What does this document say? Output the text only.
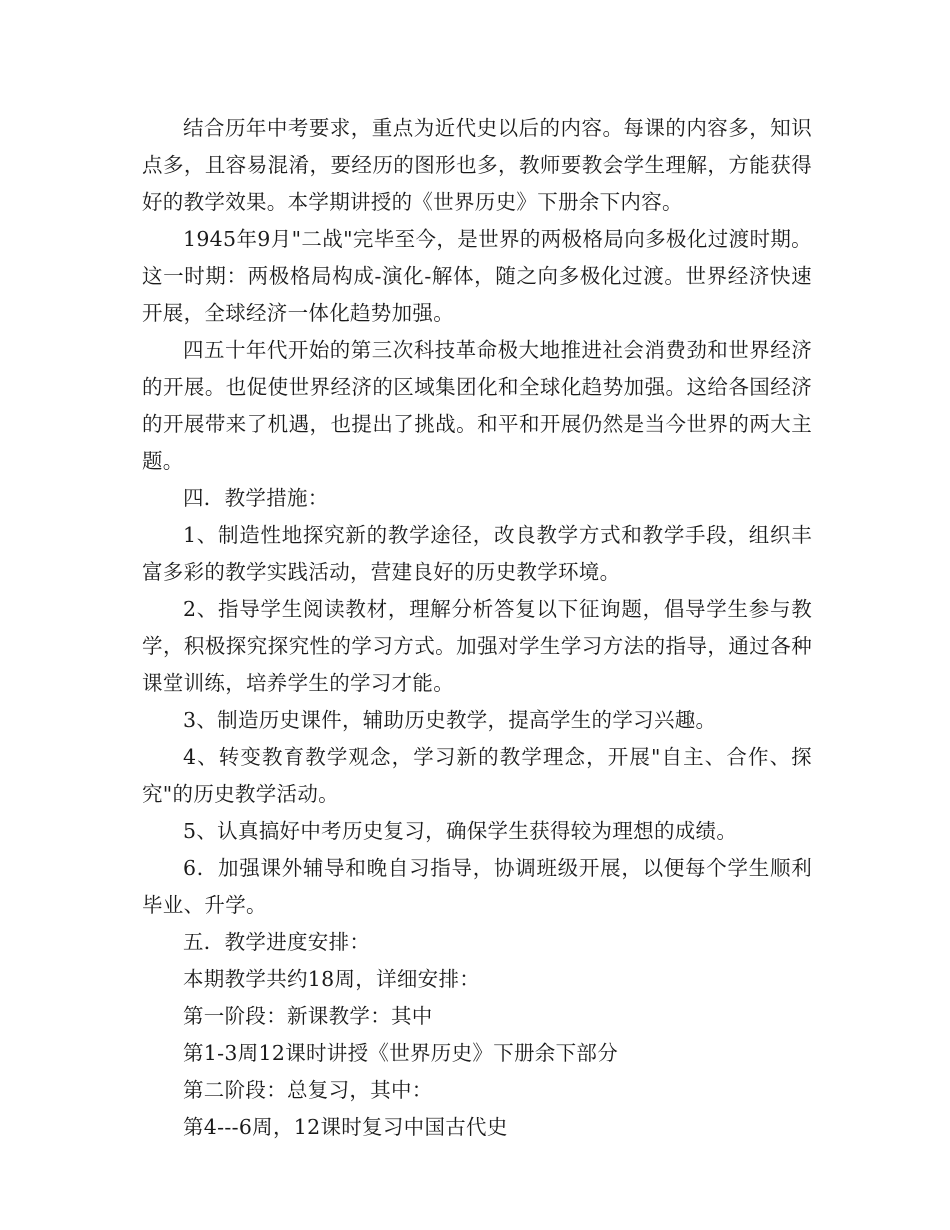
结合历年中考要求，重点为近代史以后的内容。每课的内容多，知识点多，且容易混淆，要经历的图形也多，教师要教会学生理解，方能获得好的教学效果。本学期讲授的《世界历史》下册余下内容。

1945年9月"二战"完毕至今，是世界的两极格局向多极化过渡时期。这一时期：两极格局构成-演化-解体，随之向多极化过渡。世界经济快速开展，全球经济一体化趋势加强。

四五十年代开始的第三次科技革命极大地推进社会消费劲和世界经济的开展。也促使世界经济的区域集团化和全球化趋势加强。这给各国经济的开展带来了机遇，也提出了挑战。和平和开展仍然是当今世界的两大主题。

四．教学措施：

1、制造性地探究新的教学途径，改良教学方式和教学手段，组织丰富多彩的教学实践活动，营建良好的历史教学环境。

2、指导学生阅读教材，理解分析答复以下征询题，倡导学生参与教学，积极探究探究性的学习方式。加强对学生学习方法的指导，通过各种课堂训练，培养学生的学习才能。

3、制造历史课件，辅助历史教学，提高学生的学习兴趣。

4、转变教育教学观念，学习新的教学理念，开展"自主、合作、探究"的历史教学活动。

5、认真搞好中考历史复习，确保学生获得较为理想的成绩。

6．加强课外辅导和晚自习指导，协调班级开展，以便每个学生顺利毕业、升学。

五．教学进度安排：

本期教学共约18周，详细安排：

第一阶段：新课教学：其中

第1-3周12课时讲授《世界历史》下册余下部分

第二阶段：总复习，其中：

第4---6周，12课时复习中国古代史
